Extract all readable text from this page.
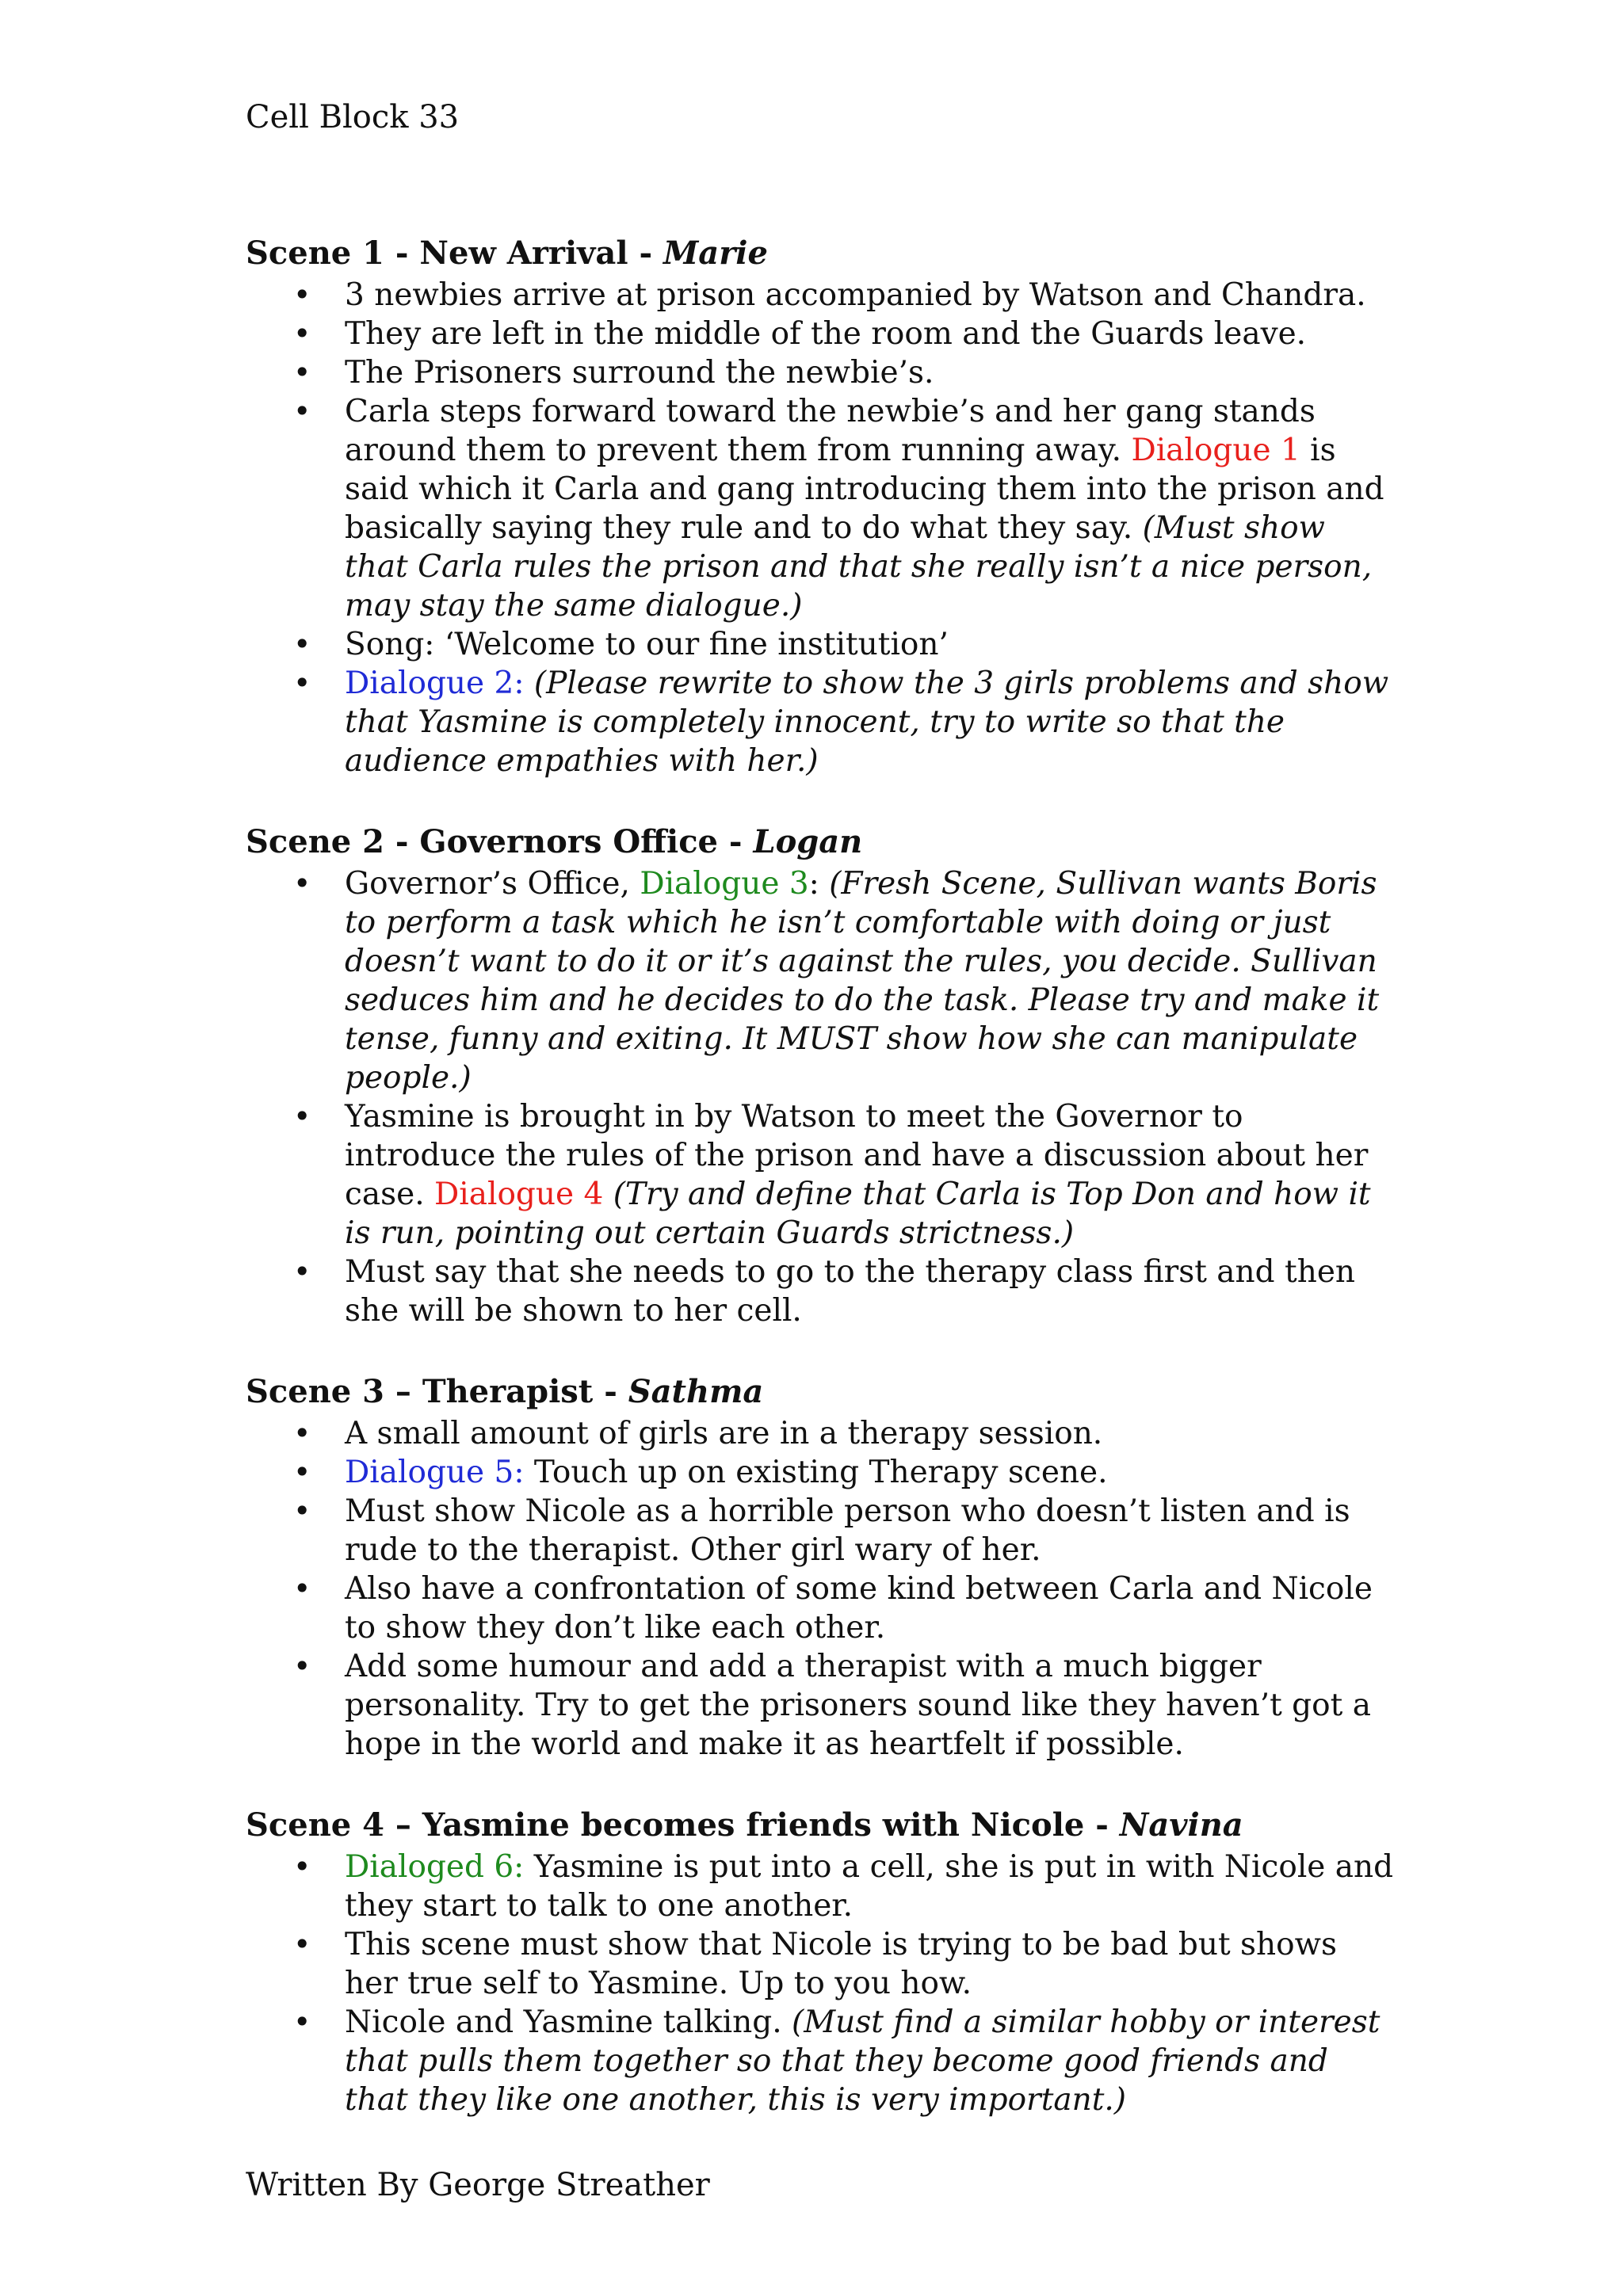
Cell Block 33
Scene 1 - New Arrival - Marie
• 3 newbies arrive at prison accompanied by Watson and Chandra.
• They are left in the middle of the room and the Guards leave.
• The Prisoners surround the newbie’s.
• Carla steps forward toward the newbie’s and her gang stands around them to prevent them from running away. Dialogue 1 is said which it Carla and gang introducing them into the prison and basically saying they rule and to do what they say. (Must show that Carla rules the prison and that she really isn’t a nice person, may stay the same dialogue.)
• Song: ‘Welcome to our fine institution’
• Dialogue 2: (Please rewrite to show the 3 girls problems and show that Yasmine is completely innocent, try to write so that the audience empathies with her.)
Scene 2 - Governors Office - Logan
• Governor’s Office, Dialogue 3: (Fresh Scene, Sullivan wants Boris to perform a task which he isn’t comfortable with doing or just doesn’t want to do it or it’s against the rules, you decide. Sullivan seduces him and he decides to do the task. Please try and make it tense, funny and exiting. It MUST show how she can manipulate people.)
• Yasmine is brought in by Watson to meet the Governor to introduce the rules of the prison and have a discussion about her case. Dialogue 4 (Try and define that Carla is Top Don and how it is run, pointing out certain Guards strictness.)
• Must say that she needs to go to the therapy class first and then she will be shown to her cell.
Scene 3 – Therapist - Sathma
• A small amount of girls are in a therapy session.
• Dialogue 5: Touch up on existing Therapy scene.
• Must show Nicole as a horrible person who doesn’t listen and is rude to the therapist. Other girl wary of her.
• Also have a confrontation of some kind between Carla and Nicole to show they don’t like each other.
• Add some humour and add a therapist with a much bigger personality. Try to get the prisoners sound like they haven’t got a hope in the world and make it as heartfelt if possible.
Scene 4 – Yasmine becomes friends with Nicole - Navina
• Dialoged 6: Yasmine is put into a cell, she is put in with Nicole and they start to talk to one another.
• This scene must show that Nicole is trying to be bad but shows her true self to Yasmine. Up to you how.
• Nicole and Yasmine talking. (Must find a similar hobby or interest that pulls them together so that they become good friends and that they like one another, this is very important.)
Written By George Streather
